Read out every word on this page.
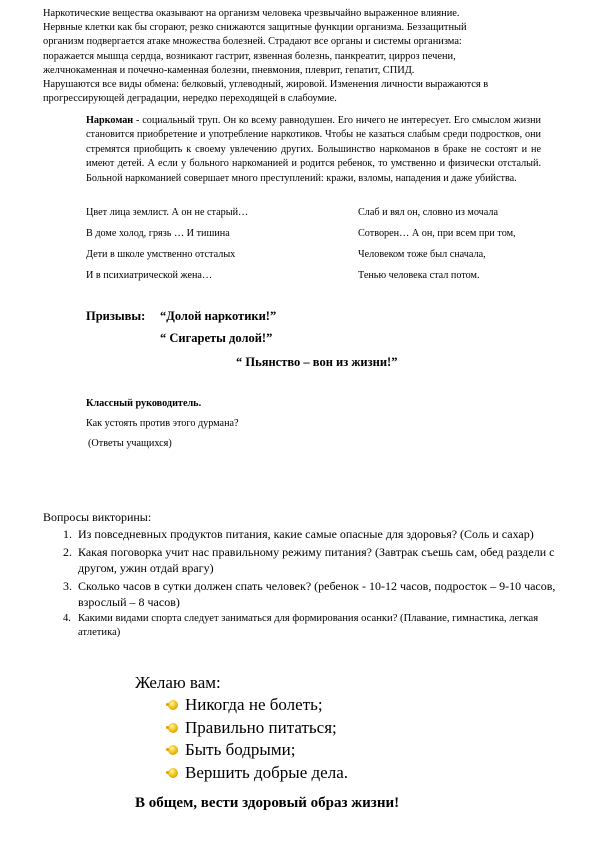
Наркотические вещества оказывают на организм человека чрезвычайно выраженное влияние.
Нервные клетки как бы сгорают, резко снижаются защитные функции организма. Беззащитный
организм подвергается атаке множества болезней. Страдают все органы и системы организма:
поражается мышца сердца, возникают гастрит, язвенная болезнь, панкреатит, цирроз печени,
желчнокаменная и почечно-каменная болезни, пневмония, плеврит, гепатит, СПИД.
Нарушаются все виды обмена: белковый, углеводный, жировой. Изменения личности выражаются в
прогрессирующей деградации, нередко переходящей в слабоумие.
Наркоман - социальный труп. Он ко всему равнодушен. Его ничего не интересует. Его смыслом жизни становится приобретение и употребление наркотиков. Чтобы не казаться слабым среди подростков, они стремятся приобщить к своему увлечению других. Большинство наркоманов в браке не состоят и не имеют детей. А если у больного наркоманией и родится ребенок, то умственно и физически отсталый. Больной наркоманией совершает много преступлений: кражи, взломы, нападения и даже убийства.
Цвет лица землист. А он не старый…
В доме холод, грязь … И тишина
Дети в школе умственно отсталых
И в психиатрической жена…
Слаб и вял он, словно из мочала
Сотворен… А он, при всем при том,
Человеком тоже был сначала,
Тенью человека стал потом.
Призывы: “Долой наркотики!”
“ Сигареты долой!”
“ Пьянство – вон из жизни!”
Классный руководитель.
Как устоять против этого дурмана?
(Ответы учащихся)
Вопросы викторины:
1. Из повседневных продуктов питания, какие самые опасные для здоровья? (Соль и сахар)
2. Какая поговорка учит нас правильному режиму питания? (Завтрак съешь сам, обед раздели с другом, ужин отдай врагу)
3. Сколько часов в сутки должен спать человек? (ребенок - 10-12 часов, подросток – 9-10 часов, взрослый – 8 часов)
4. Какими видами спорта следует заниматься для формирования осанки? (Плавание, гимнастика, легкая атлетика)
Желаю вам:
Никогда не болеть;
Правильно питаться;
Быть бодрыми;
Вершить добрые дела.
В общем, вести здоровый образ жизни!
